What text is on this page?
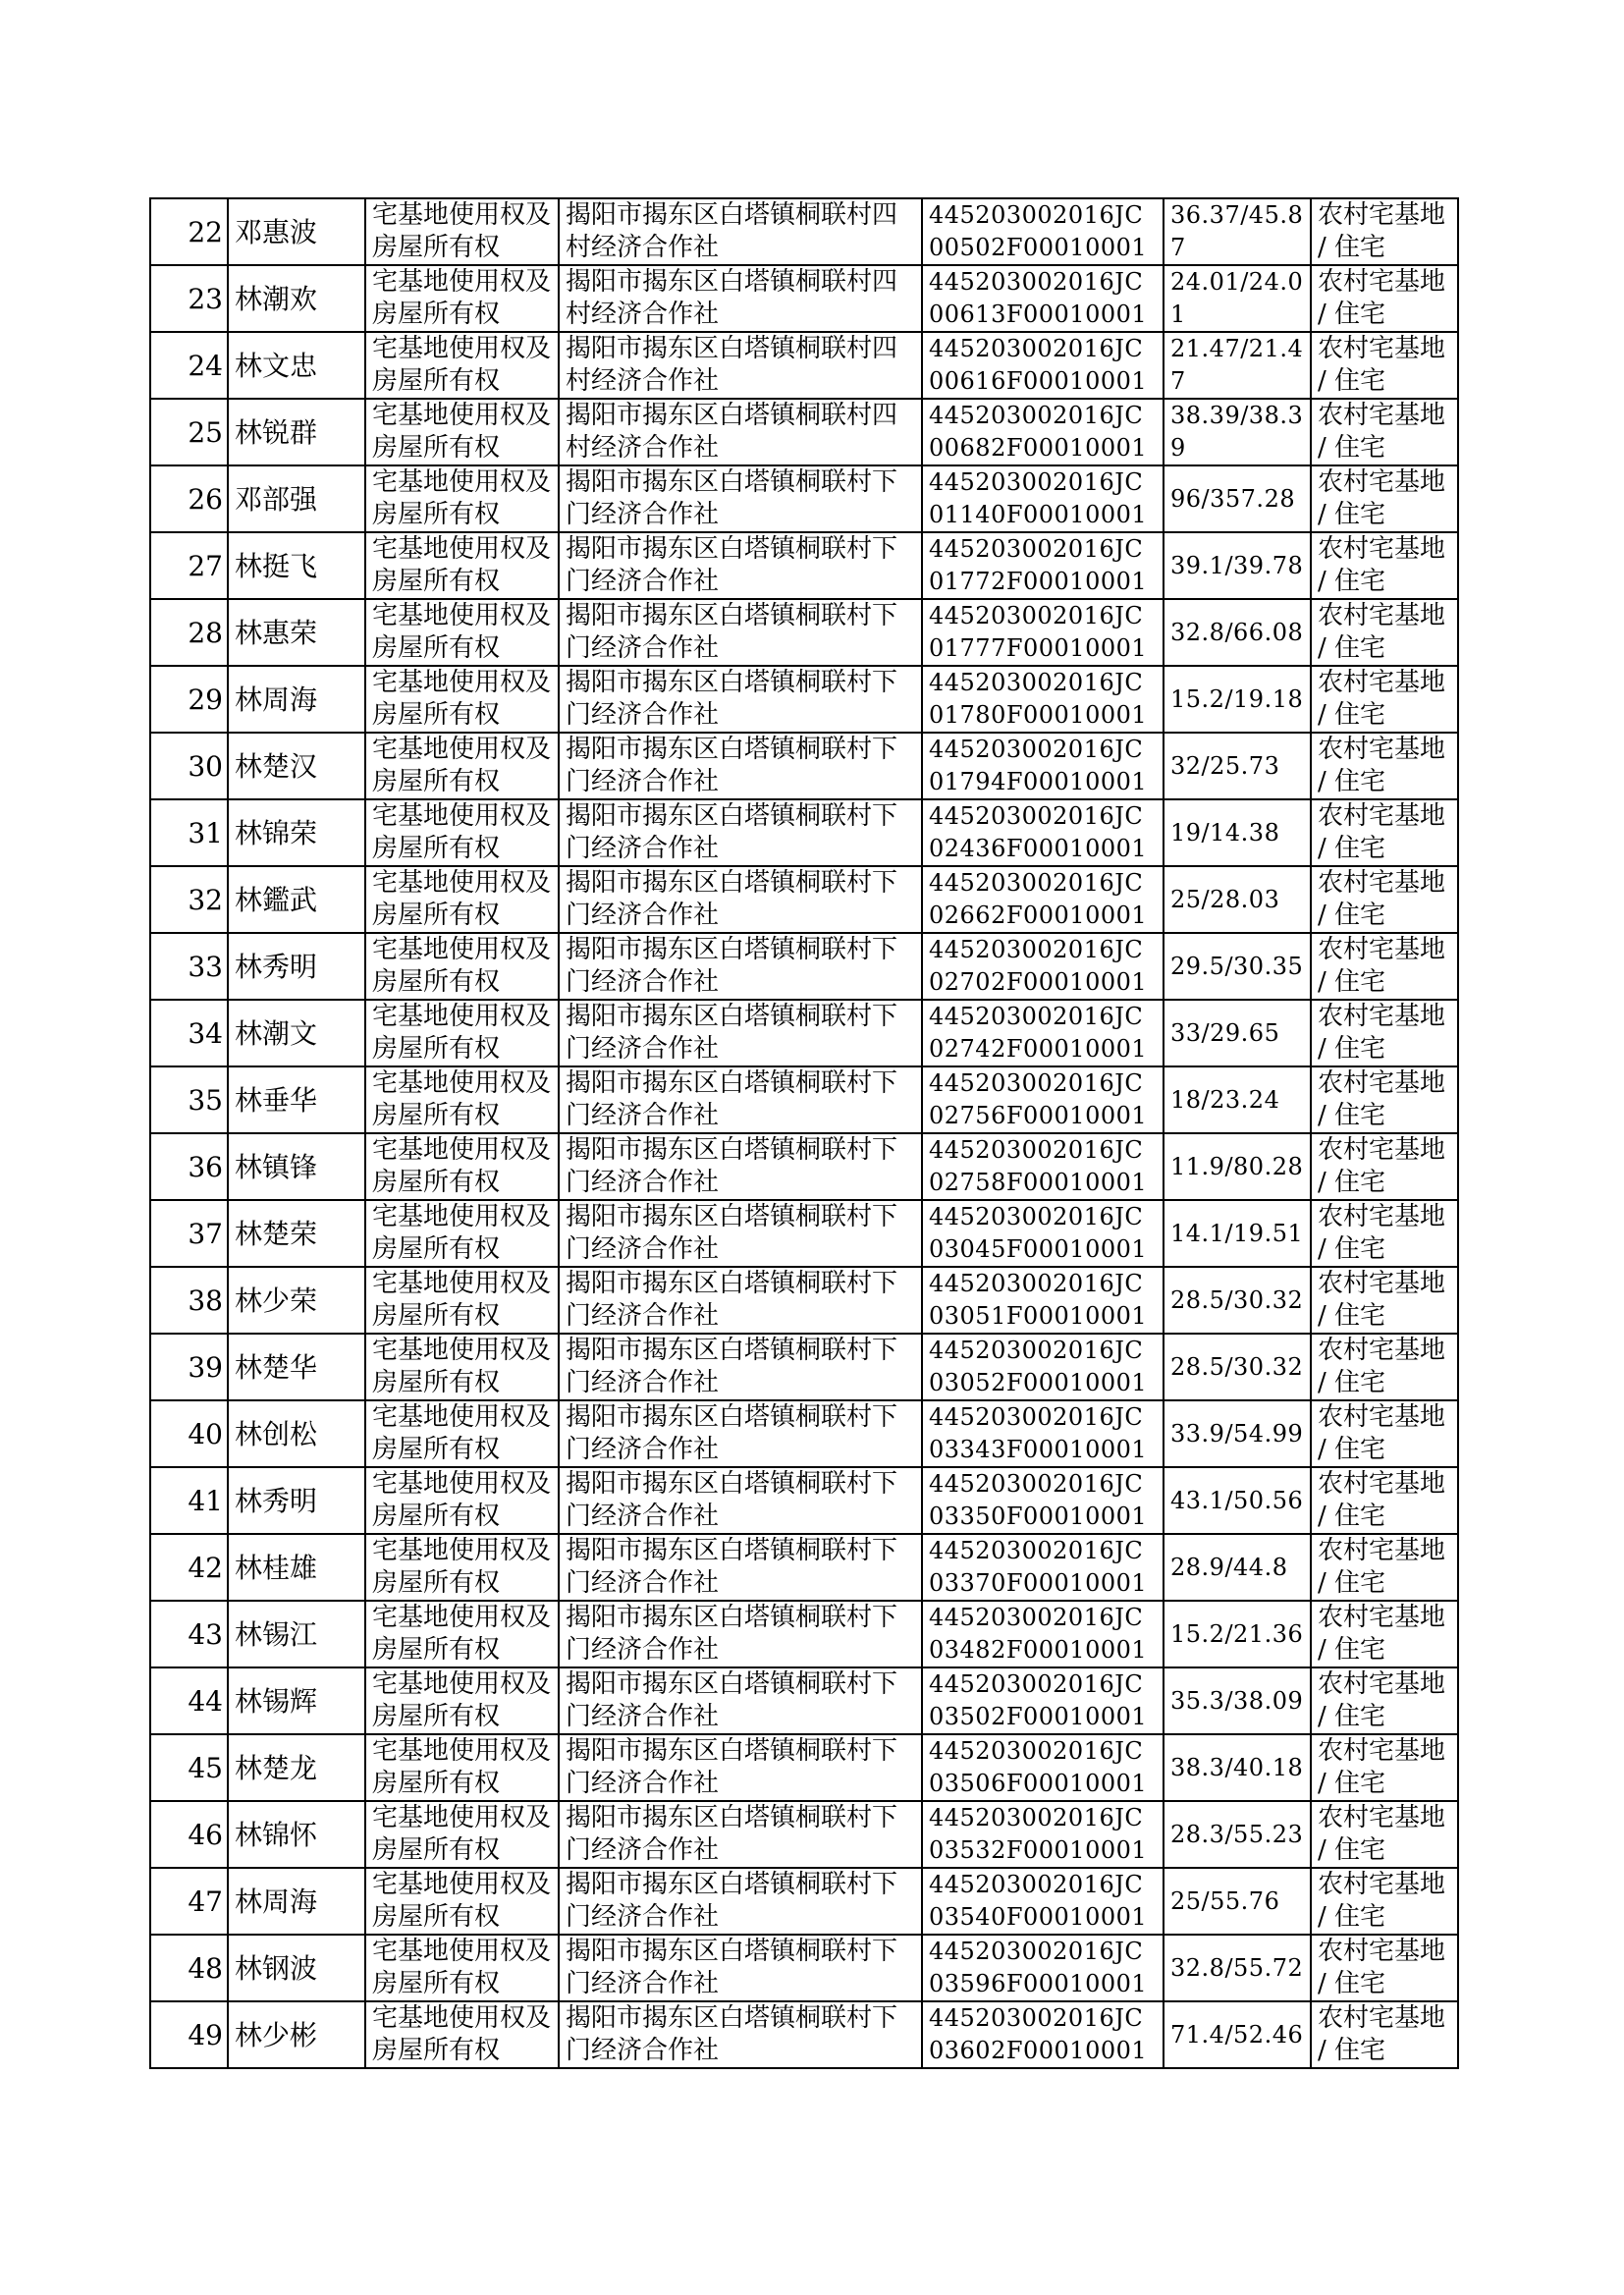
22	邓惠波	宅基地使用权及房屋所有权	揭阳市揭东区白塔镇桐联村四村经济合作社	445203002016JC00502F00010001	36.37/45.87	农村宅基地 / 住宅
23	林潮欢	宅基地使用权及房屋所有权	揭阳市揭东区白塔镇桐联村四村经济合作社	445203002016JC00613F00010001	24.01/24.01	农村宅基地 / 住宅
24	林文忠	宅基地使用权及房屋所有权	揭阳市揭东区白塔镇桐联村四村经济合作社	445203002016JC00616F00010001	21.47/21.47	农村宅基地 / 住宅
25	林锐群	宅基地使用权及房屋所有权	揭阳市揭东区白塔镇桐联村四村经济合作社	445203002016JC00682F00010001	38.39/38.39	农村宅基地 / 住宅
26	邓部强	宅基地使用权及房屋所有权	揭阳市揭东区白塔镇桐联村下门经济合作社	445203002016JC01140F00010001	96/357.28	农村宅基地 / 住宅
27	林挺飞	宅基地使用权及房屋所有权	揭阳市揭东区白塔镇桐联村下门经济合作社	445203002016JC01772F00010001	39.1/39.78	农村宅基地 / 住宅
28	林惠荣	宅基地使用权及房屋所有权	揭阳市揭东区白塔镇桐联村下门经济合作社	445203002016JC01777F00010001	32.8/66.08	农村宅基地 / 住宅
29	林周海	宅基地使用权及房屋所有权	揭阳市揭东区白塔镇桐联村下门经济合作社	445203002016JC01780F00010001	15.2/19.18	农村宅基地 / 住宅
30	林楚汉	宅基地使用权及房屋所有权	揭阳市揭东区白塔镇桐联村下门经济合作社	445203002016JC01794F00010001	32/25.73	农村宅基地 / 住宅
31	林锦荣	宅基地使用权及房屋所有权	揭阳市揭东区白塔镇桐联村下门经济合作社	445203002016JC02436F00010001	19/14.38	农村宅基地 / 住宅
32	林鑑武	宅基地使用权及房屋所有权	揭阳市揭东区白塔镇桐联村下门经济合作社	445203002016JC02662F00010001	25/28.03	农村宅基地 / 住宅
33	林秀明	宅基地使用权及房屋所有权	揭阳市揭东区白塔镇桐联村下门经济合作社	445203002016JC02702F00010001	29.5/30.35	农村宅基地 / 住宅
34	林潮文	宅基地使用权及房屋所有权	揭阳市揭东区白塔镇桐联村下门经济合作社	445203002016JC02742F00010001	33/29.65	农村宅基地 / 住宅
35	林垂华	宅基地使用权及房屋所有权	揭阳市揭东区白塔镇桐联村下门经济合作社	445203002016JC02756F00010001	18/23.24	农村宅基地 / 住宅
36	林镇锋	宅基地使用权及房屋所有权	揭阳市揭东区白塔镇桐联村下门经济合作社	445203002016JC02758F00010001	11.9/80.28	农村宅基地 / 住宅
37	林楚荣	宅基地使用权及房屋所有权	揭阳市揭东区白塔镇桐联村下门经济合作社	445203002016JC03045F00010001	14.1/19.51	农村宅基地 / 住宅
38	林少荣	宅基地使用权及房屋所有权	揭阳市揭东区白塔镇桐联村下门经济合作社	445203002016JC03051F00010001	28.5/30.32	农村宅基地 / 住宅
39	林楚华	宅基地使用权及房屋所有权	揭阳市揭东区白塔镇桐联村下门经济合作社	445203002016JC03052F00010001	28.5/30.32	农村宅基地 / 住宅
40	林创松	宅基地使用权及房屋所有权	揭阳市揭东区白塔镇桐联村下门经济合作社	445203002016JC03343F00010001	33.9/54.99	农村宅基地 / 住宅
41	林秀明	宅基地使用权及房屋所有权	揭阳市揭东区白塔镇桐联村下门经济合作社	445203002016JC03350F00010001	43.1/50.56	农村宅基地 / 住宅
42	林桂雄	宅基地使用权及房屋所有权	揭阳市揭东区白塔镇桐联村下门经济合作社	445203002016JC03370F00010001	28.9/44.8	农村宅基地 / 住宅
43	林锡江	宅基地使用权及房屋所有权	揭阳市揭东区白塔镇桐联村下门经济合作社	445203002016JC03482F00010001	15.2/21.36	农村宅基地 / 住宅
44	林锡辉	宅基地使用权及房屋所有权	揭阳市揭东区白塔镇桐联村下门经济合作社	445203002016JC03502F00010001	35.3/38.09	农村宅基地 / 住宅
45	林楚龙	宅基地使用权及房屋所有权	揭阳市揭东区白塔镇桐联村下门经济合作社	445203002016JC03506F00010001	38.3/40.18	农村宅基地 / 住宅
46	林锦怀	宅基地使用权及房屋所有权	揭阳市揭东区白塔镇桐联村下门经济合作社	445203002016JC03532F00010001	28.3/55.23	农村宅基地 / 住宅
47	林周海	宅基地使用权及房屋所有权	揭阳市揭东区白塔镇桐联村下门经济合作社	445203002016JC03540F00010001	25/55.76	农村宅基地 / 住宅
48	林钢波	宅基地使用权及房屋所有权	揭阳市揭东区白塔镇桐联村下门经济合作社	445203002016JC03596F00010001	32.8/55.72	农村宅基地 / 住宅
49	林少彬	宅基地使用权及房屋所有权	揭阳市揭东区白塔镇桐联村下门经济合作社	445203002016JC03602F00010001	71.4/52.46	农村宅基地 / 住宅
